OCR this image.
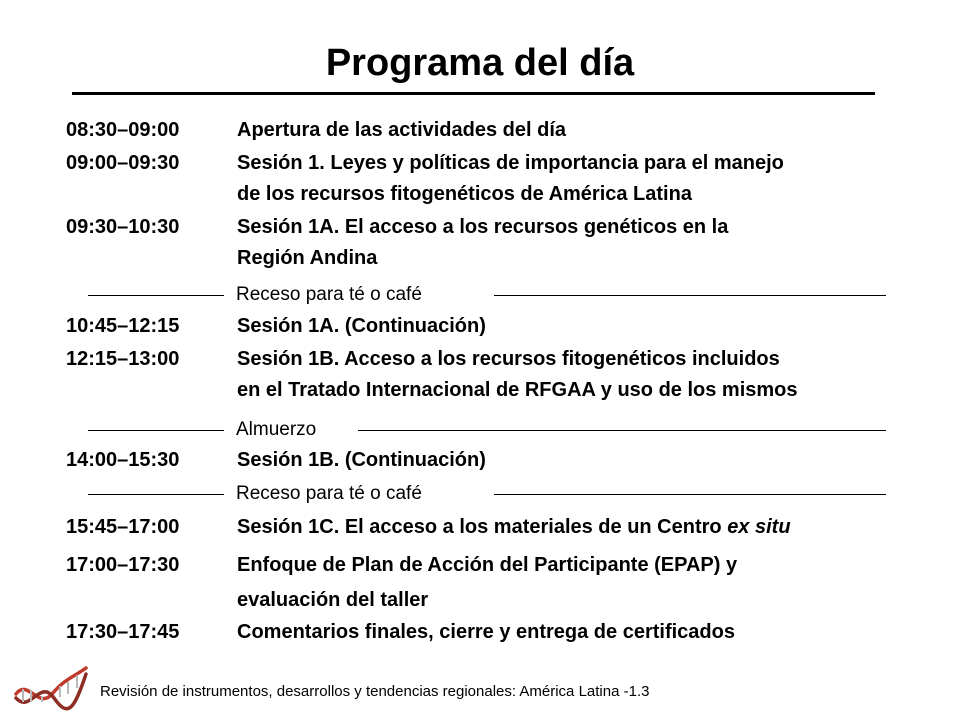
Programa del día
08:30–09:00	Apertura de las actividades del día
09:00–09:30	Sesión 1. Leyes y políticas de importancia para el manejo
de los recursos fitogenéticos de América Latina
09:30–10:30	Sesión 1A. El acceso a los recursos genéticos en la
Región Andina
Receso para té o café
10:45–12:15	Sesión 1A. (Continuación)
12:15–13:00	Sesión 1B. Acceso a los recursos fitogenéticos incluidos
en el Tratado Internacional de RFGAA y uso de los mismos
Almuerzo
14:00–15:30	Sesión 1B. (Continuación)
Receso para té o café
15:45–17:00	Sesión 1C. El acceso a los materiales de un Centro ex situ
17:00–17:30	Enfoque de Plan de Acción del Participante (EPAP) y
evaluación del taller
17:30–17:45	Comentarios finales, cierre y entrega de certificados
Revisión de instrumentos, desarrollos y tendencias regionales: América Latina -1.3
